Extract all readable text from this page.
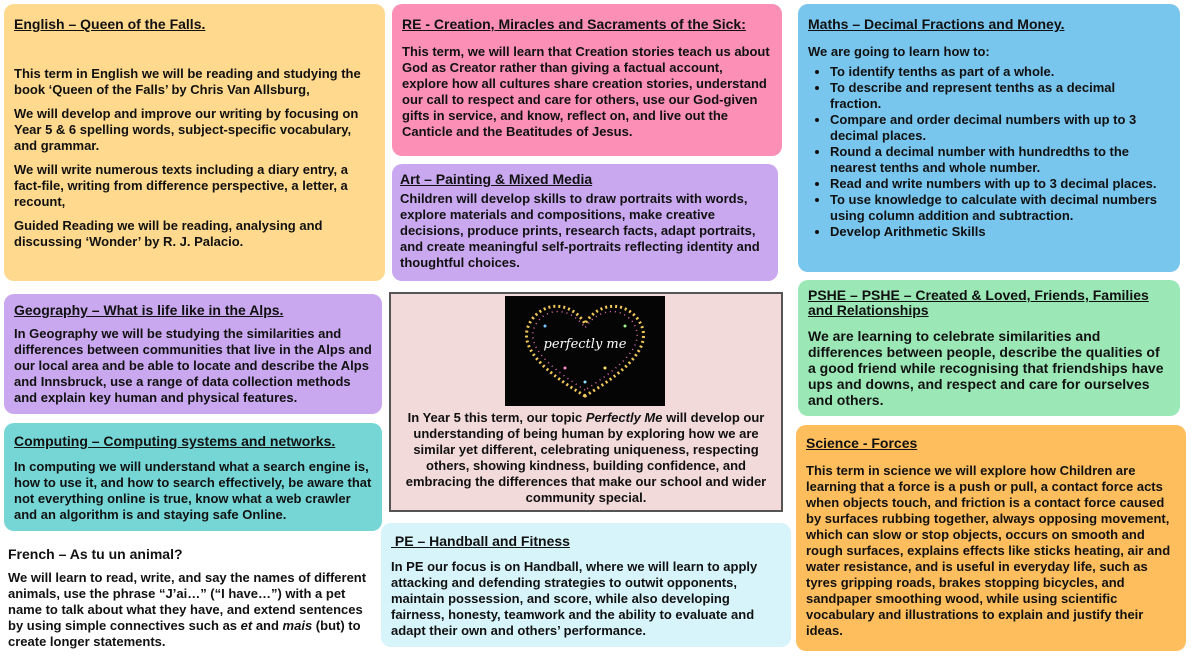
English – Queen of the Falls.
This term in English we will be reading and studying the book ‘Queen of the Falls’ by Chris Van Allsburg,
We will develop and improve our writing by focusing on Year 5 & 6 spelling words, subject-specific vocabulary, and grammar.
We will write numerous texts including a diary entry, a fact-file, writing from difference perspective, a letter, a recount,
Guided Reading we will be reading, analysing and discussing ‘Wonder’ by R. J. Palacio.
RE - Creation, Miracles and Sacraments of the Sick:
This term, we will learn that Creation stories teach us about God as Creator rather than giving a factual account, explore how all cultures share creation stories, understand our call to respect and care for others, use our God-given gifts in service, and know, reflect on, and live out the Canticle and the Beatitudes of Jesus.
Art – Painting & Mixed Media
Children will develop skills to draw portraits with words, explore materials and compositions, make creative decisions, produce prints, research facts, adapt portraits, and create meaningful self-portraits reflecting identity and thoughtful choices.
Maths – Decimal Fractions and Money.
We are going to learn how to:
• To identify tenths as part of a whole.
• To describe and represent tenths as a decimal fraction.
• Compare and order decimal numbers with up to 3 decimal places.
• Round a decimal number with hundredths to the nearest tenths and whole number.
• Read and write numbers with up to 3 decimal places.
• To use knowledge to calculate with decimal numbers using column addition and subtraction.
• Develop Arithmetic Skills
Geography – What is life like in the Alps.
In Geography we will be studying the similarities and differences between communities that live in the Alps and our local area and be able to locate and describe the Alps and Innsbruck, use a range of data collection methods and explain key human and physical features.
perfectly me
In Year 5 this term, our topic Perfectly Me will develop our understanding of being human by exploring how we are similar yet different, celebrating uniqueness, respecting others, showing kindness, building confidence, and embracing the differences that make our school and wider community special.
PSHE – PSHE – Created & Loved, Friends, Families and Relationships
We are learning to celebrate similarities and differences between people, describe the qualities of a good friend while recognising that friendships have ups and downs, and respect and care for ourselves and others.
Computing – Computing systems and networks.
In computing we will understand what a search engine is, how to use it, and how to search effectively, be aware that not everything online is true, know what a web crawler and an algorithm is and staying safe Online.
Science - Forces
This term in science we will explore how Children are learning that a force is a push or pull, a contact force acts when objects touch, and friction is a contact force caused by surfaces rubbing together, always opposing movement, which can slow or stop objects, occurs on smooth and rough surfaces, explains effects like sticks heating, air and water resistance, and is useful in everyday life, such as tyres gripping roads, brakes stopping bicycles, and sandpaper smoothing wood, while using scientific vocabulary and illustrations to explain and justify their ideas.
French – As tu un animal?
We will learn to read, write, and say the names of different animals, use the phrase “J’ai…” (“I have…”) with a pet name to talk about what they have, and extend sentences by using simple connectives such as et and mais (but) to create longer statements.
PE – Handball and Fitness
In PE our focus is on Handball, where we will learn to apply attacking and defending strategies to outwit opponents, maintain possession, and score, while also developing fairness, honesty, teamwork and the ability to evaluate and adapt their own and others’ performance.
